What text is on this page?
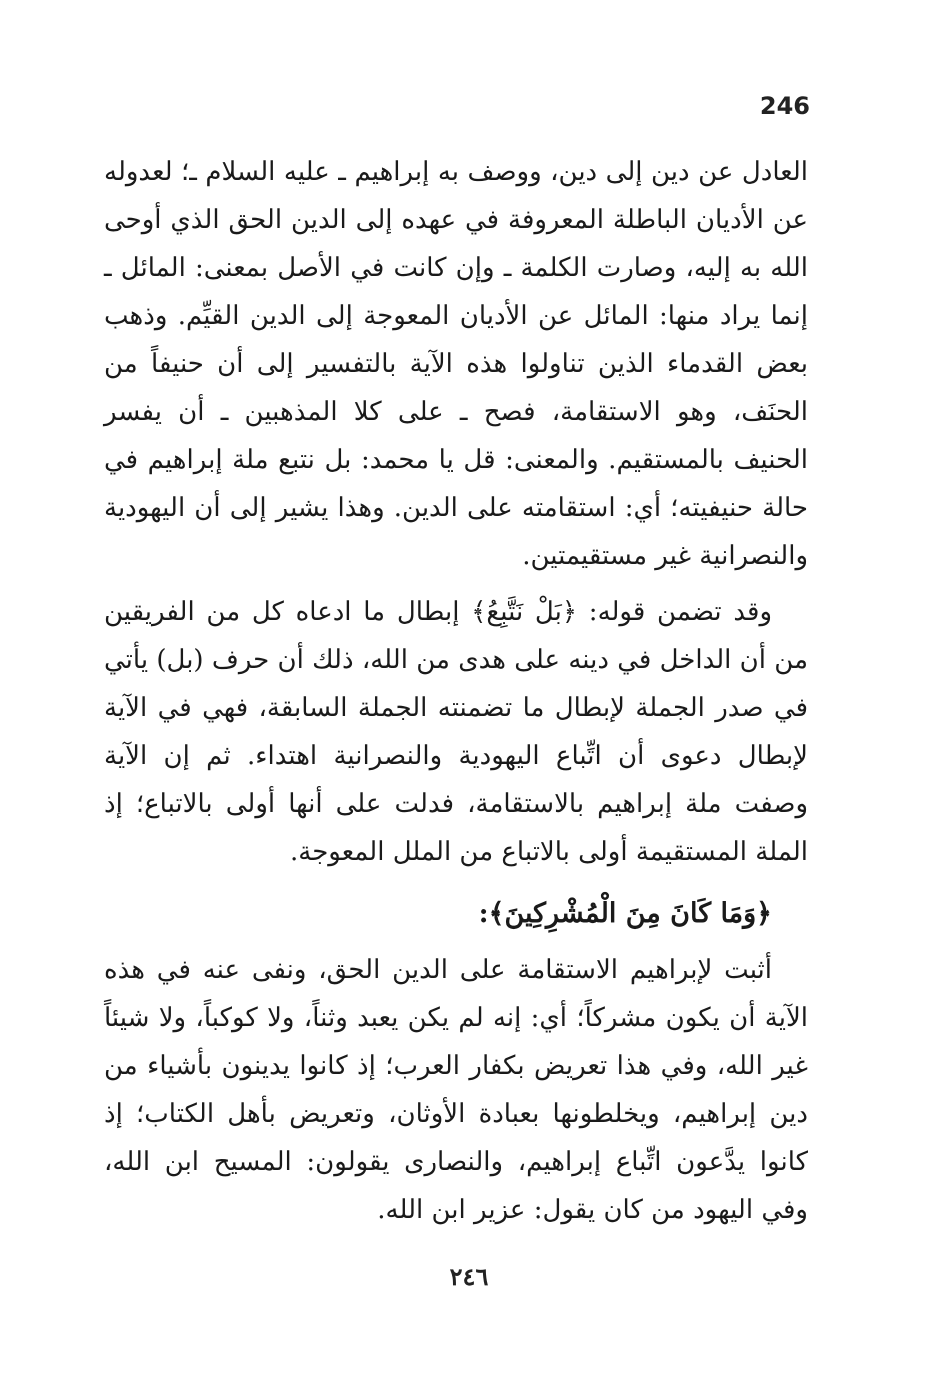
246

العادل عن دين إلى دين، ووصف به إبراهيم ـ عليه السلام ـ؛ لعدوله عن الأديان الباطلة المعروفة في عهده إلى الدين الحق الذي أوحى الله به إليه، وصارت الكلمة ـ وإن كانت في الأصل بمعنى: المائل ـ إنما يراد منها: المائل عن الأديان المعوجة إلى الدين القيِّم. وذهب بعض القدماء الذين تناولوا هذه الآية بالتفسير إلى أن حنيفاً من الحنَف، وهو الاستقامة، فصح ـ على كلا المذهبين ـ أن يفسر الحنيف بالمستقيم. والمعنى: قل يا محمد: بل نتبع ملة إبراهيم في حالة حنيفيته؛ أي: استقامته على الدين. وهذا يشير إلى أن اليهودية والنصرانية غير مستقيمتين.

وقد تضمن قوله: ﴿بَلْ نَتَّبِعُ﴾ إبطال ما ادعاه كل من الفريقين من أن الداخل في دينه على هدى من الله، ذلك أن حرف (بل) يأتي في صدر الجملة لإبطال ما تضمنته الجملة السابقة، فهي في الآية لإبطال دعوى أن اتِّباع اليهودية والنصرانية اهتداء. ثم إن الآية وصفت ملة إبراهيم بالاستقامة، فدلت على أنها أولى بالاتباع؛ إذ الملة المستقيمة أولى بالاتباع من الملل المعوجة.

﴿وَمَا كَانَ مِنَ الْمُشْرِكِينَ﴾:

أثبت لإبراهيم الاستقامة على الدين الحق، ونفى عنه في هذه الآية أن يكون مشركاً؛ أي: إنه لم يكن يعبد وثناً، ولا كوكباً، ولا شيئاً غير الله، وفي هذا تعريض بكفار العرب؛ إذ كانوا يدينون بأشياء من دين إبراهيم، ويخلطونها بعبادة الأوثان، وتعريض بأهل الكتاب؛ إذ كانوا يدَّعون اتِّباع إبراهيم، والنصارى يقولون: المسيح ابن الله، وفي اليهود من كان يقول: عزير ابن الله.

٢٤٦
